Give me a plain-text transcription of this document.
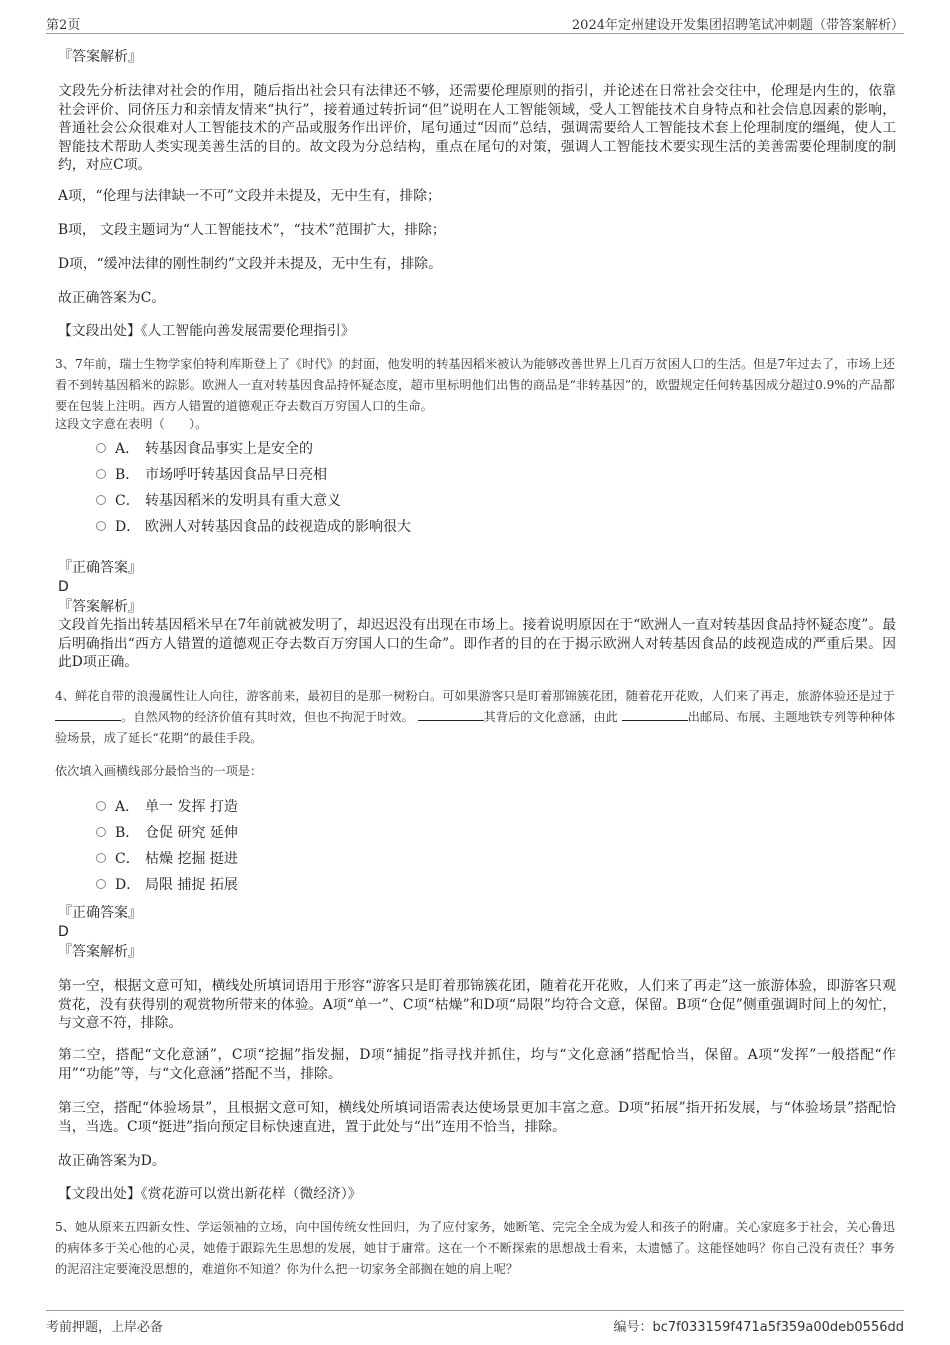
第2页	2024年定州建设开发集团招聘笔试冲刺题（带答案解析）
『答案解析』
文段先分析法律对社会的作用，随后指出社会只有法律还不够，还需要伦理原则的指引，并论述在日常社会交往中，伦理是内生的，依靠社会评价、同侪压力和亲情友情来“执行”，接着通过转折词“但”说明在人工智能领域，受人工智能技术自身特点和社会信息因素的影响，普通社会公众很难对人工智能技术的产品或服务作出评价，尾句通过“因而”总结，强调需要给人工智能技术套上伦理制度的缰绳，使人工智能技术帮助人类实现美善生活的目的。故文段为分总结构，重点在尾句的对策，强调人工智能技术要实现生活的美善需要伦理制度的制约，对应C项。
A项，“伦理与法律缺一不可”文段并未提及，无中生有，排除；
B项， 文段主题词为“人工智能技术”，“技术”范围扩大，排除；
D项，“缓冲法律的刚性制约”文段并未提及，无中生有，排除。
故正确答案为C。
【文段出处】《人工智能向善发展需要伦理指引》
3、7年前，瑞士生物学家伯特利库斯登上了《时代》的封面，他发明的转基因稻米被认为能够改善世界上几百万贫困人口的生活。但是7年过去了，市场上还看不到转基因稻米的踪影。欧洲人一直对转基因食品持怀疑态度，超市里标明他们出售的商品是“非转基因”的，欧盟规定任何转基因成分超过0.9%的产品都要在包装上注明。西方人错置的道德观正夺去数百万穷国人口的生命。
这段文字意在表明（　　）。
A． 转基因食品事实上是安全的
B． 市场呼吁转基因食品早日亮相
C． 转基因稻米的发明具有重大意义
D． 欧洲人对转基因食品的歧视造成的影响很大
『正确答案』
D
『答案解析』
文段首先指出转基因稻米早在7年前就被发明了，却迟迟没有出现在市场上。接着说明原因在于“欧洲人一直对转基因食品持怀疑态度”。最后明确指出“西方人错置的道德观正夺去数百万穷国人口的生命”。即作者的目的在于揭示欧洲人对转基因食品的歧视造成的严重后果。因此D项正确。
4、鲜花自带的浪漫属性让人向往，游客前来，最初目的是那一树粉白。可如果游客只是盯着那锦簇花团，随着花开花败，人们来了再走，旅游体验还是过于。自然风物的经济价值有其时效，但也不拘泥于时效。	其背后的文化意涵，由此	出邮局、布展、主题地铁专列等种种体验场景，成了延长“花期”的最佳手段。
依次填入画横线部分最恰当的一项是：
A． 单一 发挥 打造
B． 仓促 研究 延伸
C． 枯燥 挖掘 挺进
D． 局限 捕捉 拓展
『正确答案』
D
『答案解析』
第一空，根据文意可知，横线处所填词语用于形容“游客只是盯着那锦簇花团，随着花开花败，人们来了再走”这一旅游体验，即游客只观赏花，没有获得别的观赏物所带来的体验。A项“单一”、C项“枯燥”和D项“局限”均符合文意，保留。B项“仓促”侧重强调时间上的匆忙，与文意不符，排除。
第二空，搭配“文化意涵”，C项“挖掘”指发掘，D项“捕捉”指寻找并抓住，均与“文化意涵”搭配恰当，保留。A项“发挥”一般搭配“作用”“功能”等，与“文化意涵”搭配不当，排除。
第三空，搭配“体验场景”，且根据文意可知，横线处所填词语需表达使场景更加丰富之意。D项“拓展”指开拓发展，与“体验场景”搭配恰当，当选。C项“挺进”指向预定目标快速直进，置于此处与“出”连用不恰当，排除。
故正确答案为D。
【文段出处】《赏花游可以赏出新花样（微经济）》
5、她从原来五四新女性、学运领袖的立场，向中国传统女性回归，为了应付家务，她断笔、完完全全成为爱人和孩子的附庸。关心家庭多于社会，关心鲁迅的病体多于关心他的心灵，她倦于跟踪先生思想的发展，她甘于庸常。这在一个不断探索的思想战士看来，太遗憾了。这能怪她吗？你自己没有责任？事务的泥沼注定要淹没思想的，难道你不知道？你为什么把一切家务全部搁在她的肩上呢？
考前押题，上岸必备	编号：bc7f033159f471a5f359a00deb0556dd
